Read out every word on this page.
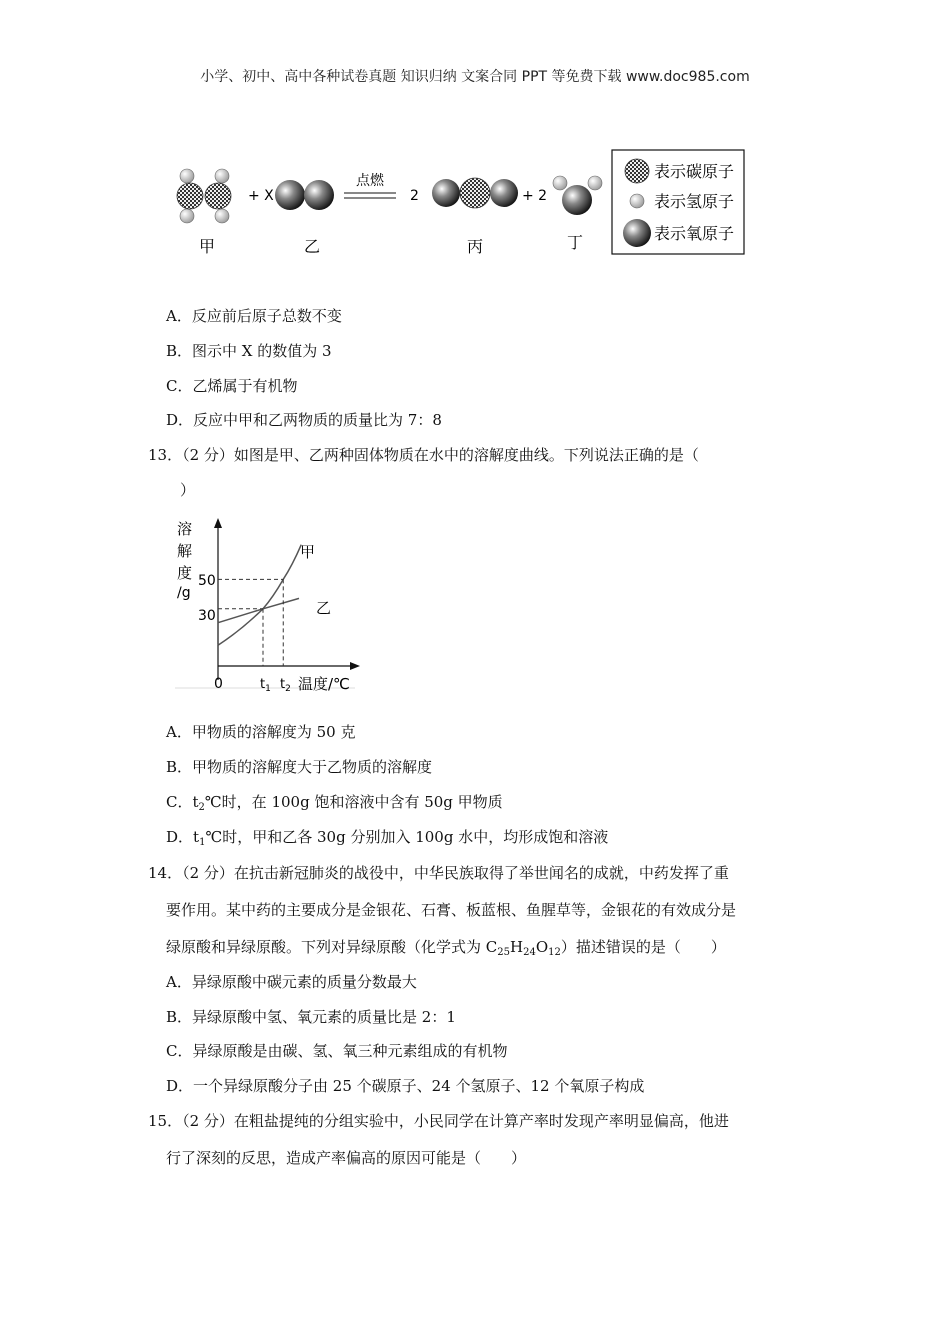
小学、初中、高中各种试卷真题 知识归纳 文案合同 PPT 等免费下载 www.doc985.com
甲
+ X
乙
点燃
2
丙
+ 2
丁
表示碳原子
表示氢原子
表示氧原子
A．反应前后原子总数不变
B．图示中 X 的数值为 3
C．乙烯属于有机物
D．反应中甲和乙两物质的质量比为 7：8
13．（2 分）如图是甲、乙两种固体物质在水中的溶解度曲线。下列说法正确的是（
）
溶
解
度
/g
50
30
0	$t_1$ $t_2$ 温度/℃
甲
乙
A．甲物质的溶解度为 50 克
B．甲物质的溶解度大于乙物质的溶解度
C．$t_2℃$时，在 100g 饱和溶液中含有 50g 甲物质
D．$t_1℃$时，甲和乙各 30g 分别加入 100g 水中，均形成饱和溶液
14．（2 分）在抗击新冠肺炎的战役中，中华民族取得了举世闻名的成就，中药发挥了重
要作用。某中药的主要成分是金银花、石膏、板蓝根、鱼腥草等，金银花的有效成分是
绿原酸和异绿原酸。下列对异绿原酸（化学式为 $C_{25}H_{24}O_{12}$）描述错误的是（　　）
A．异绿原酸中碳元素的质量分数最大
B．异绿原酸中氢、氧元素的质量比是 2：1
C．异绿原酸是由碳、氢、氧三种元素组成的有机物
D．一个异绿原酸分子由 25 个碳原子、24 个氢原子、12 个氧原子构成
15．（2 分）在粗盐提纯的分组实验中，小民同学在计算产率时发现产率明显偏高，他进
行了深刻的反思，造成产率偏高的原因可能是（　　）
